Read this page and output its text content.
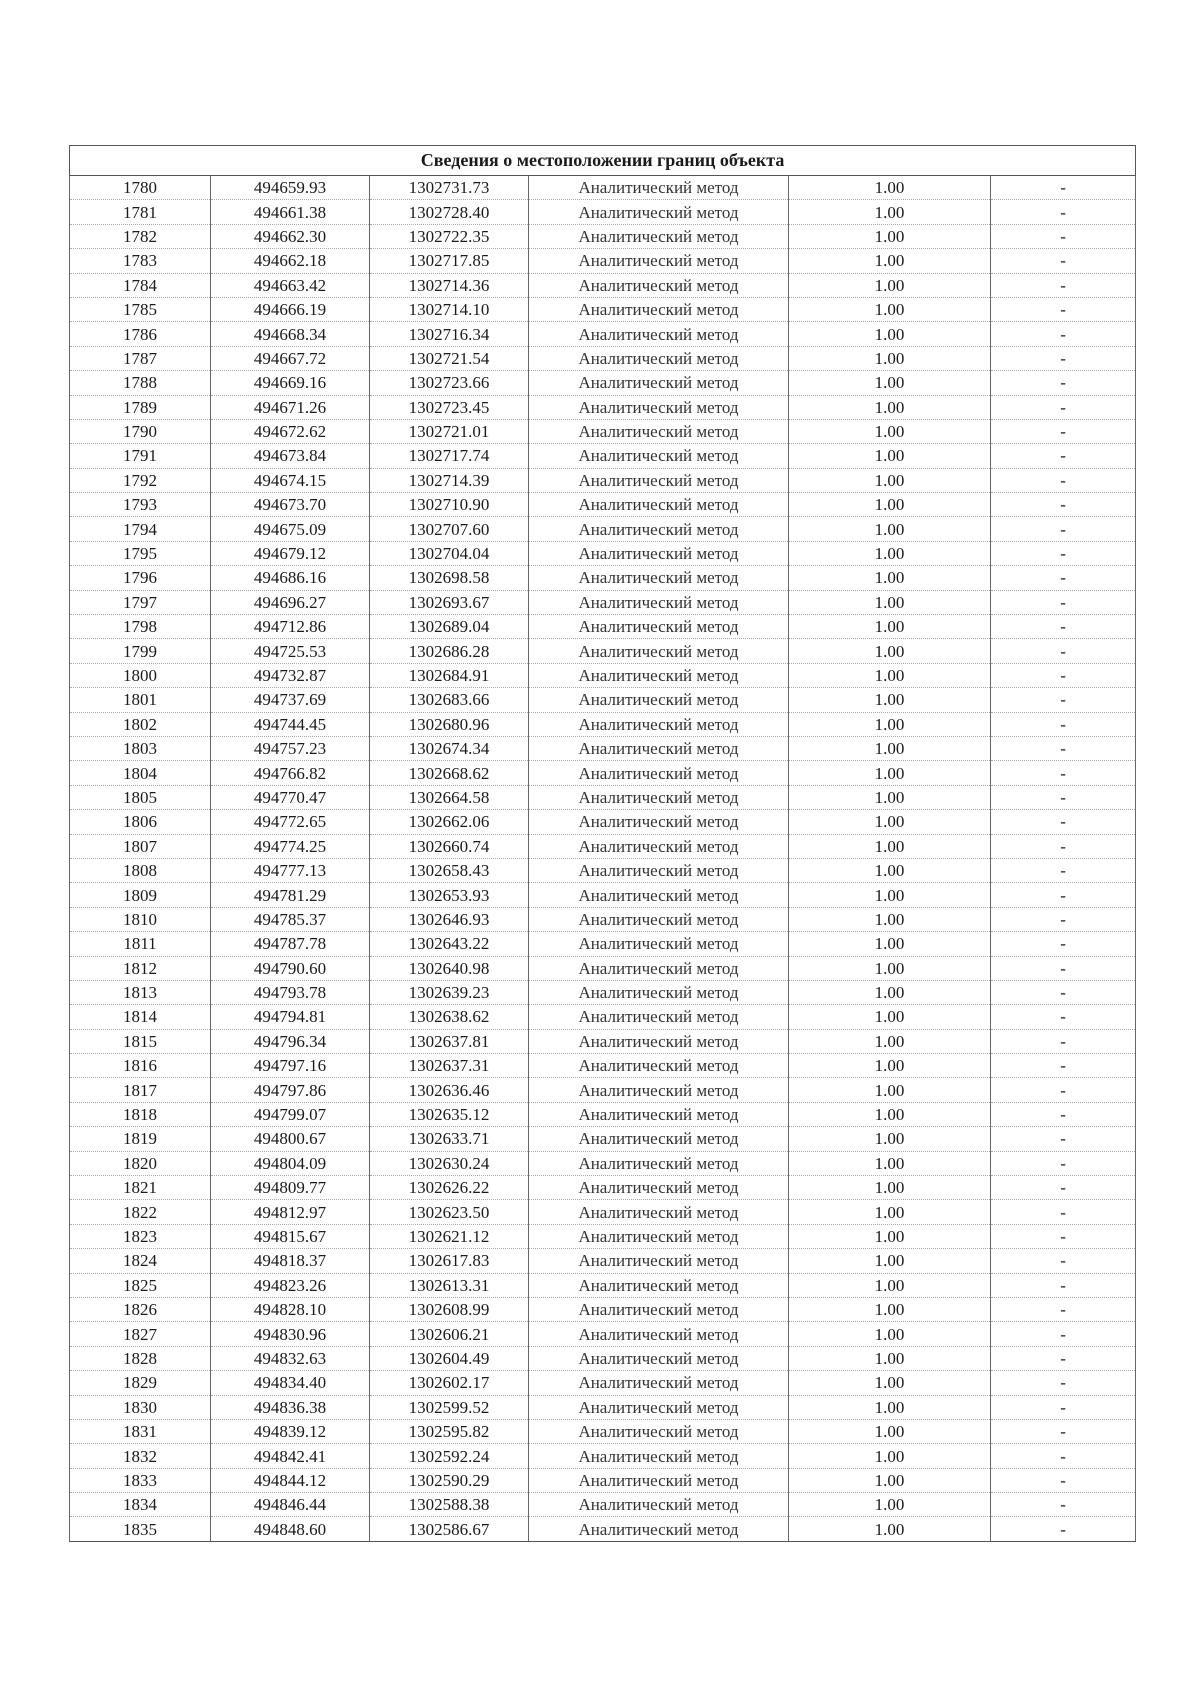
Сведения о местоположении границ объекта					
1780	494659.93	1302731.73	Аналитический метод	1.00	-
1781	494661.38	1302728.40	Аналитический метод	1.00	-
1782	494662.30	1302722.35	Аналитический метод	1.00	-
1783	494662.18	1302717.85	Аналитический метод	1.00	-
1784	494663.42	1302714.36	Аналитический метод	1.00	-
1785	494666.19	1302714.10	Аналитический метод	1.00	-
1786	494668.34	1302716.34	Аналитический метод	1.00	-
1787	494667.72	1302721.54	Аналитический метод	1.00	-
1788	494669.16	1302723.66	Аналитический метод	1.00	-
1789	494671.26	1302723.45	Аналитический метод	1.00	-
1790	494672.62	1302721.01	Аналитический метод	1.00	-
1791	494673.84	1302717.74	Аналитический метод	1.00	-
1792	494674.15	1302714.39	Аналитический метод	1.00	-
1793	494673.70	1302710.90	Аналитический метод	1.00	-
1794	494675.09	1302707.60	Аналитический метод	1.00	-
1795	494679.12	1302704.04	Аналитический метод	1.00	-
1796	494686.16	1302698.58	Аналитический метод	1.00	-
1797	494696.27	1302693.67	Аналитический метод	1.00	-
1798	494712.86	1302689.04	Аналитический метод	1.00	-
1799	494725.53	1302686.28	Аналитический метод	1.00	-
1800	494732.87	1302684.91	Аналитический метод	1.00	-
1801	494737.69	1302683.66	Аналитический метод	1.00	-
1802	494744.45	1302680.96	Аналитический метод	1.00	-
1803	494757.23	1302674.34	Аналитический метод	1.00	-
1804	494766.82	1302668.62	Аналитический метод	1.00	-
1805	494770.47	1302664.58	Аналитический метод	1.00	-
1806	494772.65	1302662.06	Аналитический метод	1.00	-
1807	494774.25	1302660.74	Аналитический метод	1.00	-
1808	494777.13	1302658.43	Аналитический метод	1.00	-
1809	494781.29	1302653.93	Аналитический метод	1.00	-
1810	494785.37	1302646.93	Аналитический метод	1.00	-
1811	494787.78	1302643.22	Аналитический метод	1.00	-
1812	494790.60	1302640.98	Аналитический метод	1.00	-
1813	494793.78	1302639.23	Аналитический метод	1.00	-
1814	494794.81	1302638.62	Аналитический метод	1.00	-
1815	494796.34	1302637.81	Аналитический метод	1.00	-
1816	494797.16	1302637.31	Аналитический метод	1.00	-
1817	494797.86	1302636.46	Аналитический метод	1.00	-
1818	494799.07	1302635.12	Аналитический метод	1.00	-
1819	494800.67	1302633.71	Аналитический метод	1.00	-
1820	494804.09	1302630.24	Аналитический метод	1.00	-
1821	494809.77	1302626.22	Аналитический метод	1.00	-
1822	494812.97	1302623.50	Аналитический метод	1.00	-
1823	494815.67	1302621.12	Аналитический метод	1.00	-
1824	494818.37	1302617.83	Аналитический метод	1.00	-
1825	494823.26	1302613.31	Аналитический метод	1.00	-
1826	494828.10	1302608.99	Аналитический метод	1.00	-
1827	494830.96	1302606.21	Аналитический метод	1.00	-
1828	494832.63	1302604.49	Аналитический метод	1.00	-
1829	494834.40	1302602.17	Аналитический метод	1.00	-
1830	494836.38	1302599.52	Аналитический метод	1.00	-
1831	494839.12	1302595.82	Аналитический метод	1.00	-
1832	494842.41	1302592.24	Аналитический метод	1.00	-
1833	494844.12	1302590.29	Аналитический метод	1.00	-
1834	494846.44	1302588.38	Аналитический метод	1.00	-
1835	494848.60	1302586.67	Аналитический метод	1.00	-
